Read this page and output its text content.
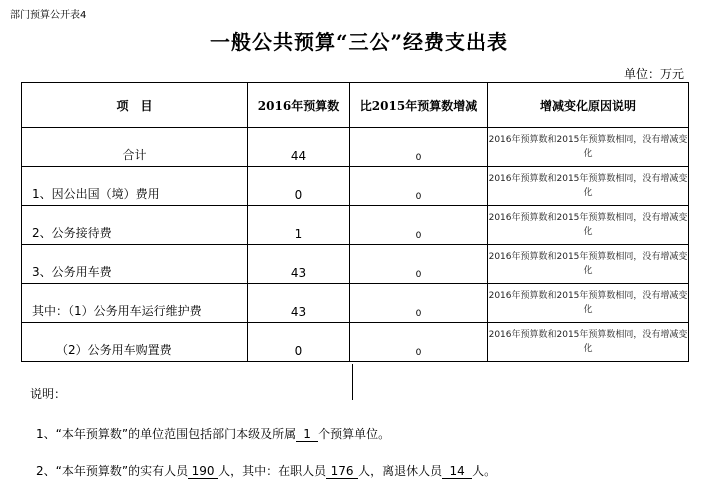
部门预算公开表4
一般公共预算“三公”经费支出表
单位：万元
项　目	2016年预算数	比2015年预算数增减	增减变化原因说明

合计	44	0	2016年预算数和2015年预算数相同，没有增减变化

1、因公出国（境）费用	0	0	2016年预算数和2015年预算数相同，没有增减变化

2、公务接待费	1	0	2016年预算数和2015年预算数相同，没有增减变化

3、公务用车费	43	0	2016年预算数和2015年预算数相同，没有增减变化

其中：（1）公务用车运行维护费	43	0	2016年预算数和2015年预算数相同，没有增减变化

（2）公务用车购置费	0	0	2016年预算数和2015年预算数相同，没有增减变化
说明：
1、“本年预算数”的单位范围包括部门本级及所属 1 个预算单位。
2、“本年预算数”的实有人员 190 人，其中：在职人员 176 人，离退休人员 14 人。
